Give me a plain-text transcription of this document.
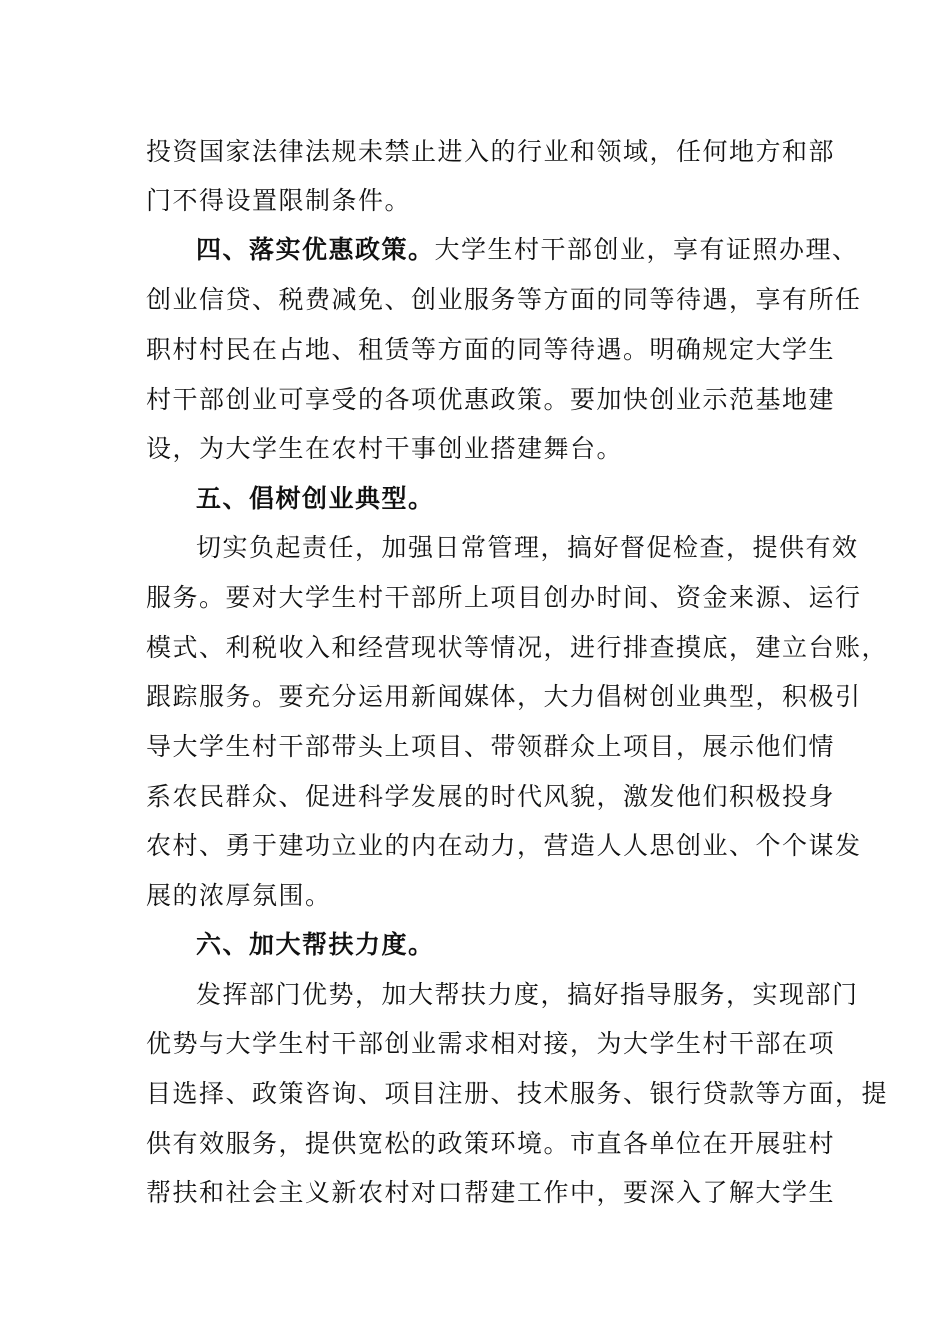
投资国家法律法规未禁止进入的行业和领域，任何地方和部
门不得设置限制条件。
四、落实优惠政策。大学生村干部创业，享有证照办理、
创业信贷、税费减免、创业服务等方面的同等待遇，享有所任
职村村民在占地、租赁等方面的同等待遇。明确规定大学生
村干部创业可享受的各项优惠政策。要加快创业示范基地建
设，为大学生在农村干事创业搭建舞台。
五、倡树创业典型。
切实负起责任，加强日常管理，搞好督促检查，提供有效
服务。要对大学生村干部所上项目创办时间、资金来源、运行
模式、利税收入和经营现状等情况，进行排查摸底，建立台账，
跟踪服务。要充分运用新闻媒体，大力倡树创业典型，积极引
导大学生村干部带头上项目、带领群众上项目，展示他们情
系农民群众、促进科学发展的时代风貌，激发他们积极投身
农村、勇于建功立业的内在动力，营造人人思创业、个个谋发
展的浓厚氛围。
六、加大帮扶力度。
发挥部门优势，加大帮扶力度，搞好指导服务，实现部门
优势与大学生村干部创业需求相对接，为大学生村干部在项
目选择、政策咨询、项目注册、技术服务、银行贷款等方面，提
供有效服务，提供宽松的政策环境。市直各单位在开展驻村
帮扶和社会主义新农村对口帮建工作中，要深入了解大学生
